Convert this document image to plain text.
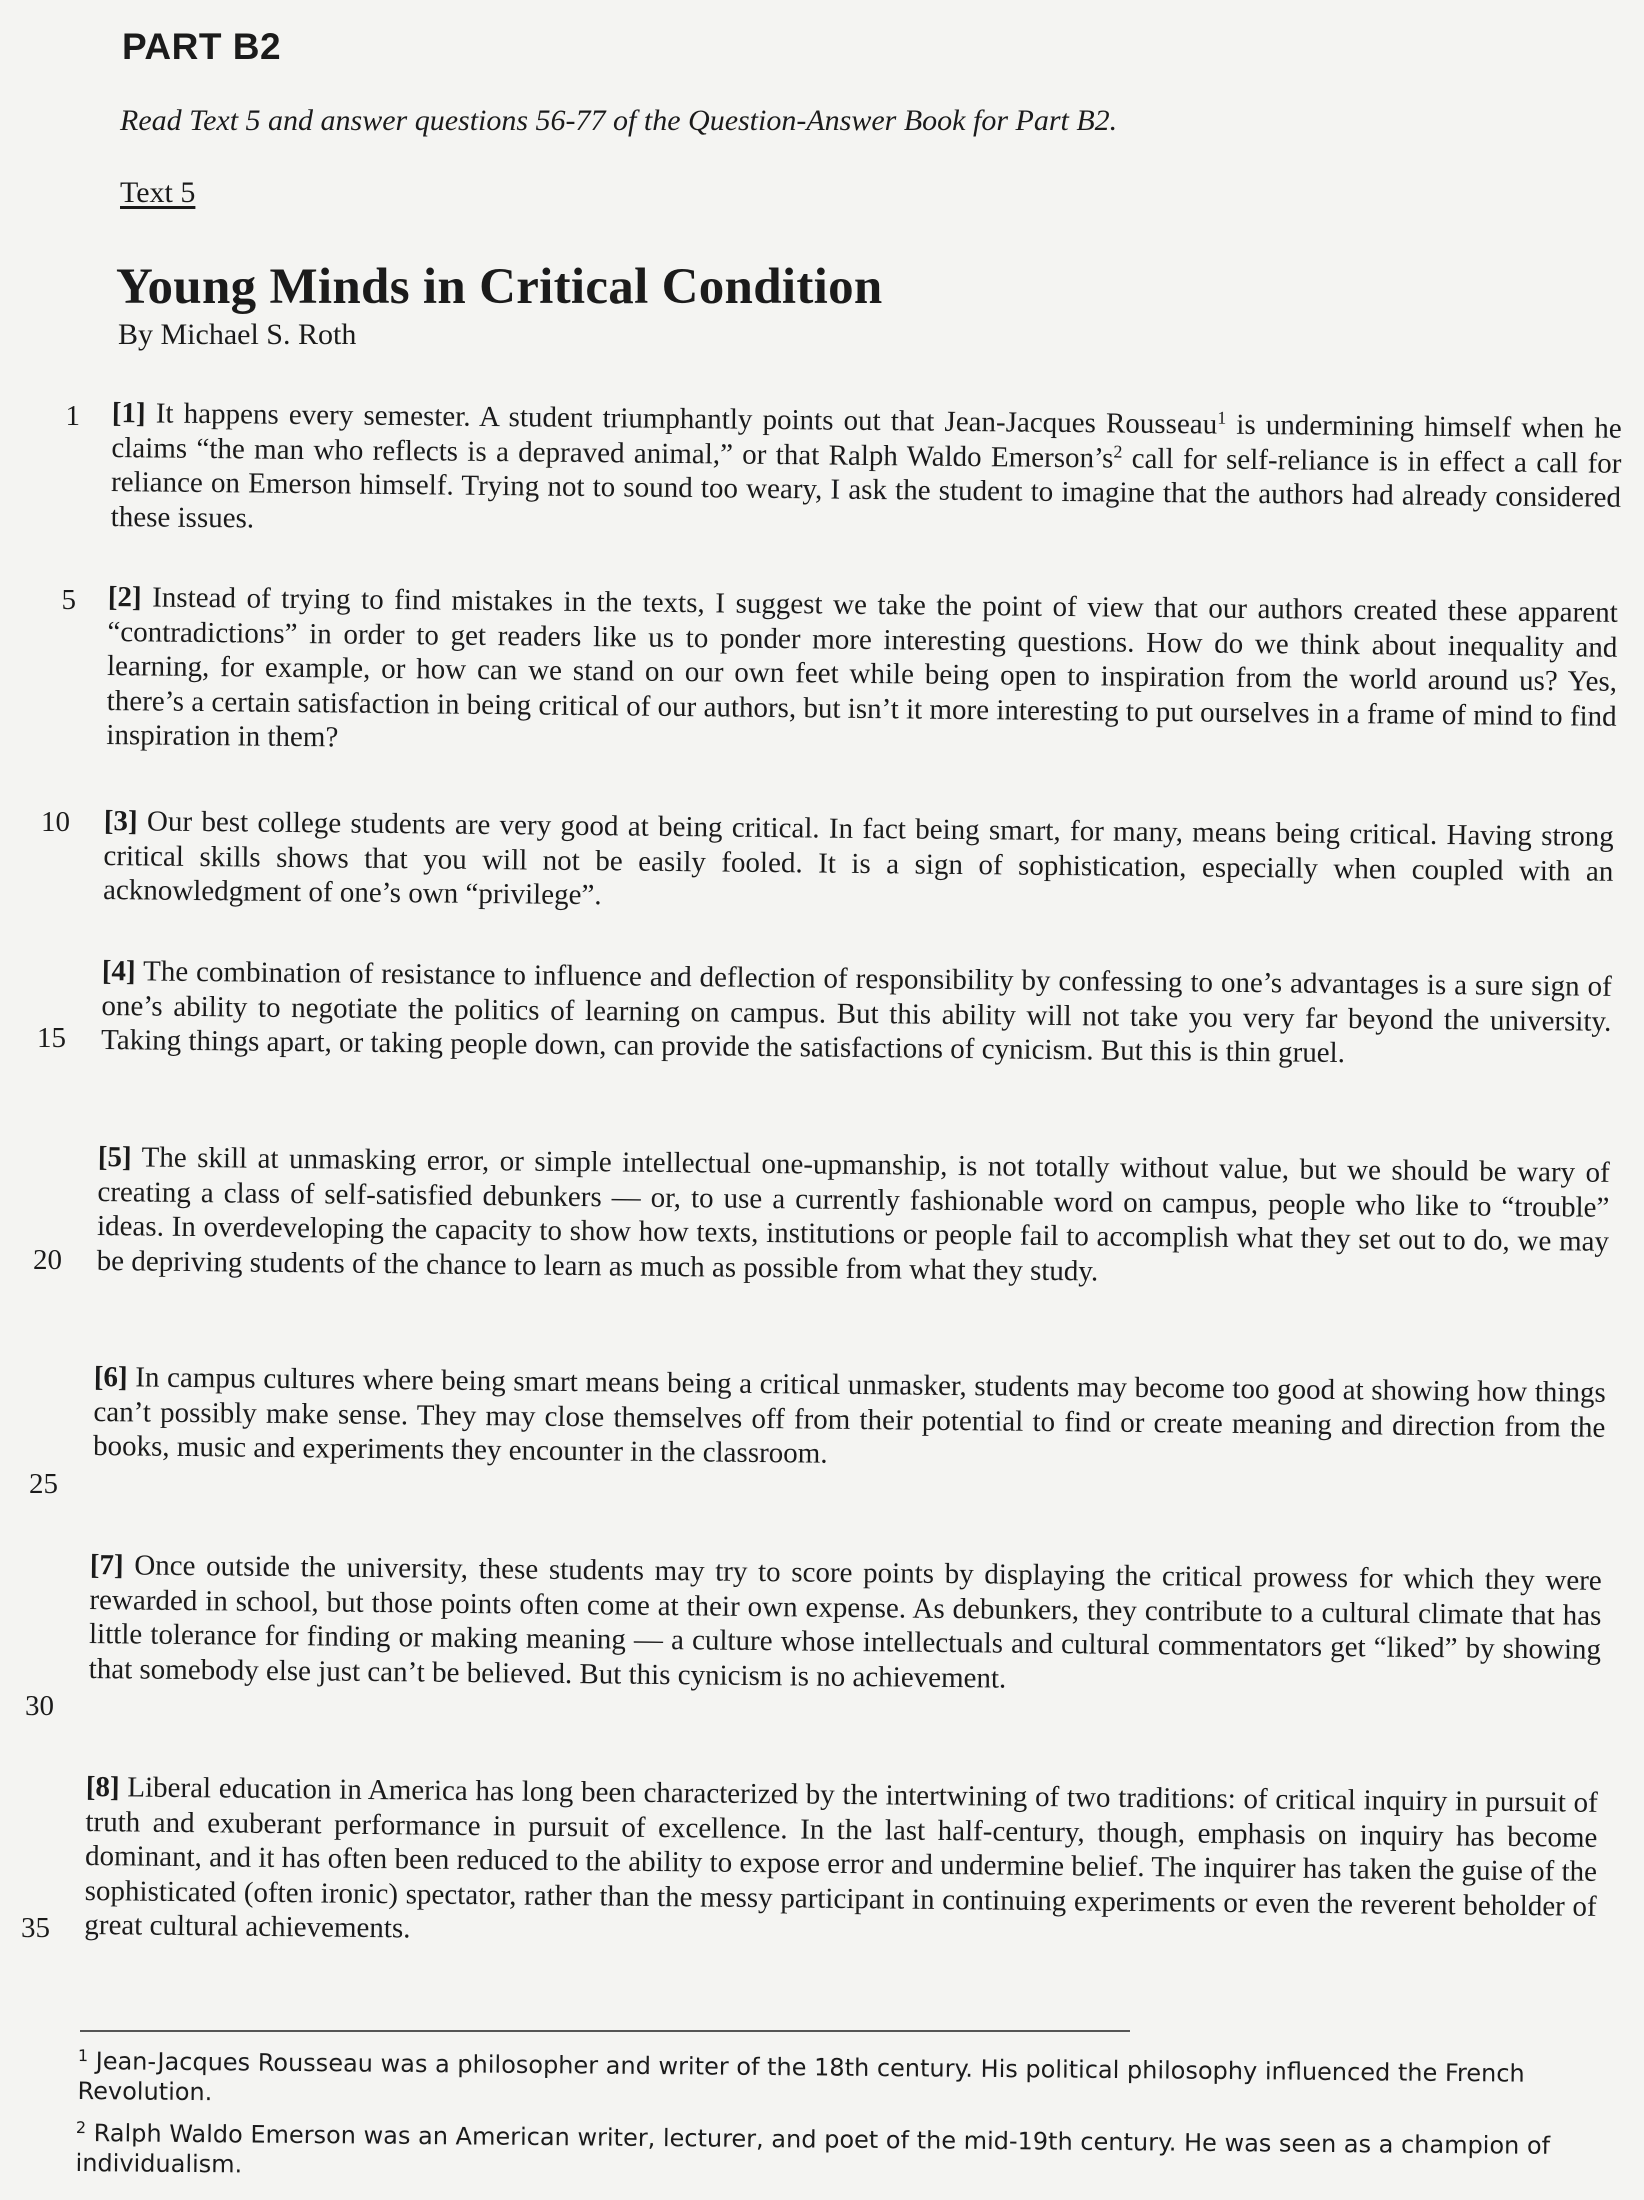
PART B2
Read Text 5 and answer questions 56-77 of the Question-Answer Book for Part B2.
Text 5
Young Minds in Critical Condition
By Michael S. Roth
1
5
10
15
20
25
30
35

[1] It happens every semester. A student triumphantly points out that Jean-Jacques Rousseau$^1$ is undermining himself when he claims “the man who reflects is a depraved animal,” or that Ralph Waldo $Emerson’s^2$ call for self-reliance is in effect a call for reliance on Emerson himself. Trying not to sound too weary, I ask the student to imagine that the authors had already considered these issues.

[2] Instead of trying to find mistakes in the texts, I suggest we take the point of view that our authors created these apparent “contradictions” in order to get readers like us to ponder more interesting questions. How do we think about inequality and learning, for example, or how can we stand on our own feet while being open to inspiration from the world around us? Yes, there’s a certain satisfaction in being critical of our authors, but isn’t it more interesting to put ourselves in a frame of mind to find inspiration in them?

[3] Our best college students are very good at being critical. In fact being smart, for many, means being critical. Having strong critical skills shows that you will not be easily fooled. It is a sign of sophistication, especially when coupled with an acknowledgment of one’s own “privilege”.

[4] The combination of resistance to influence and deflection of responsibility by confessing to one’s advantages is a sure sign of one’s ability to negotiate the politics of learning on campus. But this ability will not take you very far beyond the university. Taking things apart, or taking people down, can provide the satisfactions of cynicism. But this is thin gruel.

[5] The skill at unmasking error, or simple intellectual one-upmanship, is not totally without value, but we should be wary of creating a class of self-satisfied debunkers — or, to use a currently fashionable word on campus, people who like to “trouble” ideas. In overdeveloping the capacity to show how texts, institutions or people fail to accomplish what they set out to do, we may be depriving students of the chance to learn as much as possible from what they study.

[6] In campus cultures where being smart means being a critical unmasker, students may become too good at showing how things can’t possibly make sense. They may close themselves off from their potential to find or create meaning and direction from the books, music and experiments they encounter in the classroom.

[7] Once outside the university, these students may try to score points by displaying the critical prowess for which they were rewarded in school, but those points often come at their own expense. As debunkers, they contribute to a cultural climate that has little tolerance for finding or making meaning — a culture whose intellectuals and cultural commentators get “liked” by showing that somebody else just can’t be believed. But this cynicism is no achievement.

[8] Liberal education in America has long been characterized by the intertwining of two traditions: of critical inquiry in pursuit of truth and exuberant performance in pursuit of excellence. In the last half-century, though, emphasis on inquiry has become dominant, and it has often been reduced to the ability to expose error and undermine belief. The inquirer has taken the guise of the sophisticated (often ironic) spectator, rather than the messy participant in continuing experiments or even the reverent beholder of great cultural achievements.

$^1$ Jean-Jacques Rousseau was a philosopher and writer of the 18th century. His political philosophy influenced the French Revolution.

$^2$ Ralph Waldo Emerson was an American writer, lecturer, and poet of the mid-19th century. He was seen as a champion of individualism.
